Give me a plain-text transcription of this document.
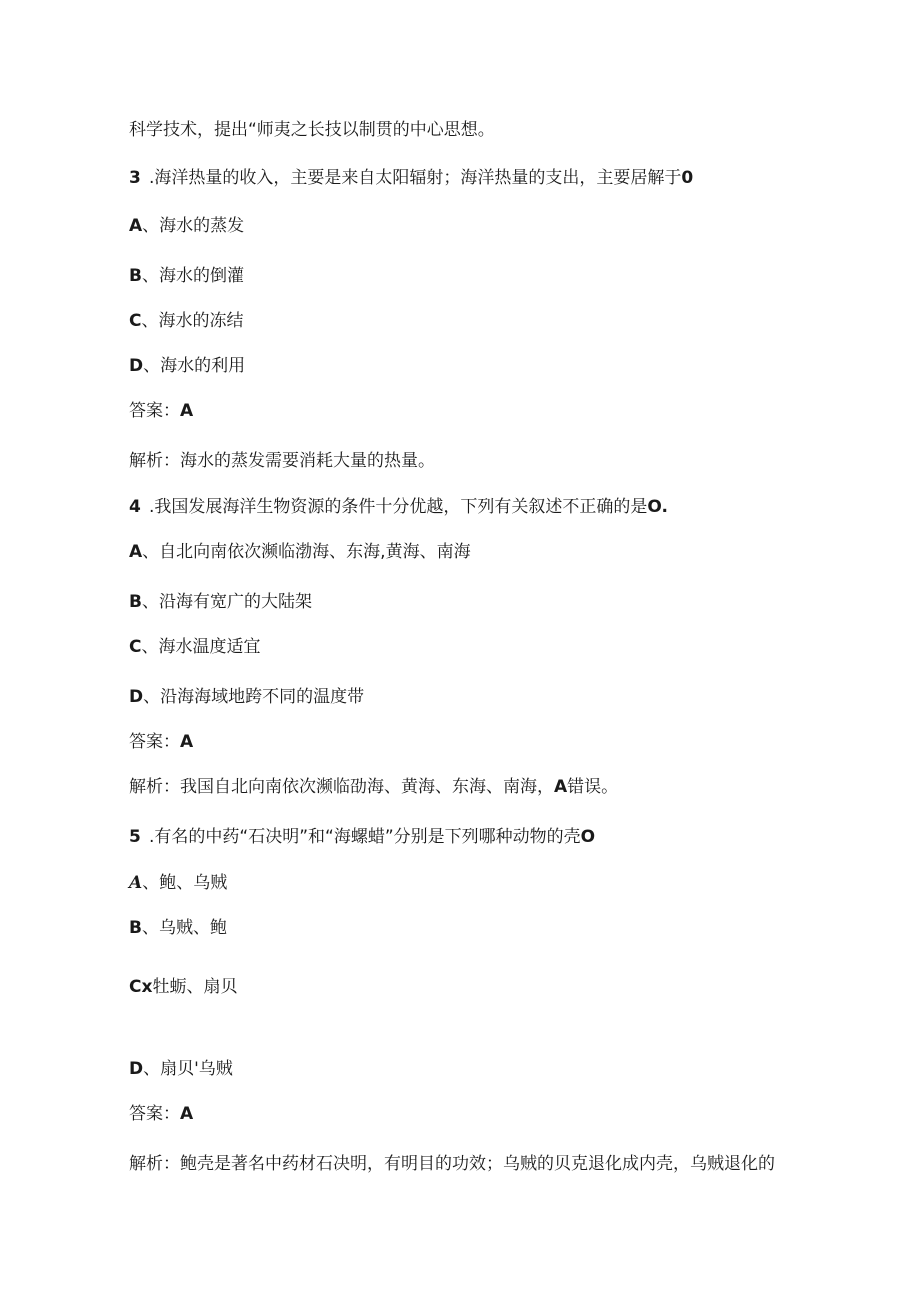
科学技术，提出“师夷之长技以制贯的中心思想。
3 .海洋热量的收入，主要是来自太阳辐射；海洋热量的支出，主要居解于0
A、海水的蒸发
B、海水的倒灌
C、海水的冻结
D、海水的利用
答案：A
解析：海水的蒸发需要消耗大量的热量。
4 .我国发展海洋生物资源的条件十分优越，下列有关叙述不正确的是O.
A、自北向南依次濒临渤海、东海,黄海、南海
B、沿海有宽广的大陆架
C、海水温度适宜
D、沿海海域地跨不同的温度带
答案：A
解析：我国自北向南依次濒临劭海、黄海、东海、南海，A错误。
5 .有名的中药“石决明”和“海螺蜡”分别是下列哪种动物的壳O
A、鲍、乌贼
B、乌贼、鲍
Cx牡蛎、扇贝
D、扇贝'乌贼
答案：A
解析：鲍壳是著名中药材石决明，有明目的功效；乌贼的贝克退化成内壳，乌贼退化的
